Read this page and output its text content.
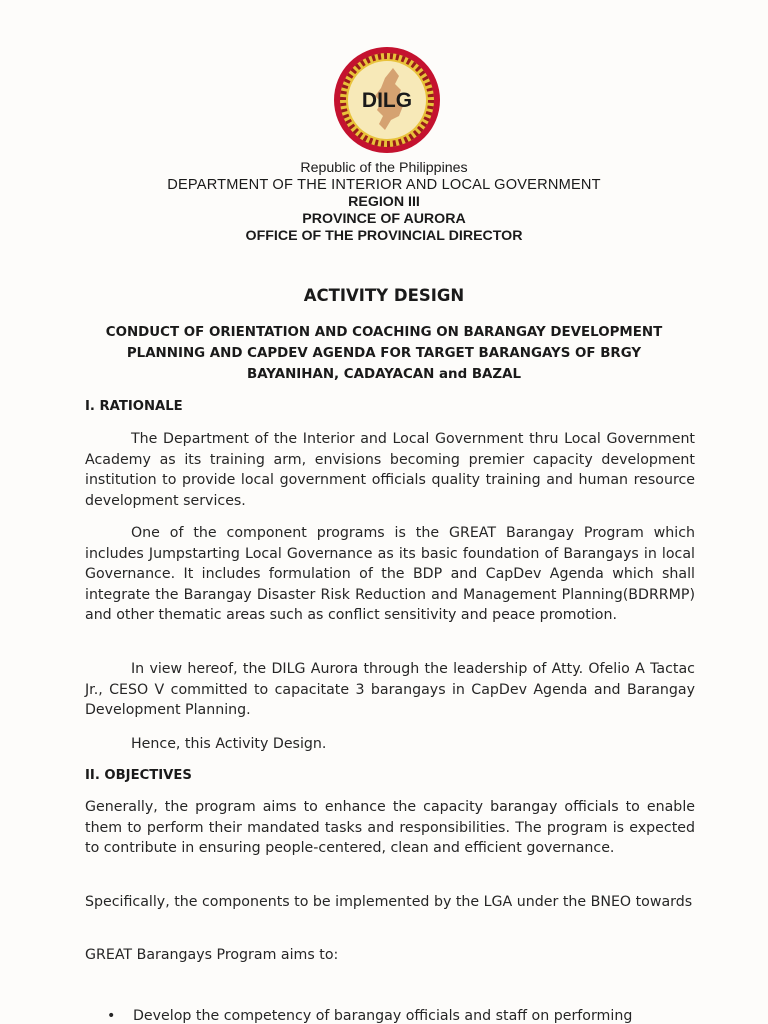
DILG
Republic of the Philippines
DEPARTMENT OF THE INTERIOR AND LOCAL GOVERNMENT
REGION III
PROVINCE OF AURORA
OFFICE OF THE PROVINCIAL DIRECTOR
ACTIVITY DESIGN
CONDUCT OF ORIENTATION AND COACHING ON BARANGAY DEVELOPMENT
PLANNING AND CAPDEV AGENDA FOR TARGET BARANGAYS OF BRGY
BAYANIHAN, CADAYACAN and BAZAL
I. RATIONALE
The Department of the Interior and Local Government thru Local Government Academy as its training arm, envisions becoming premier capacity development institution to provide local government officials quality training and human resource development services.
One of the component programs is the GREAT Barangay Program which includes Jumpstarting Local Governance as its basic foundation of Barangays in local Governance. It includes formulation of the BDP and CapDev Agenda which shall integrate the Barangay Disaster Risk Reduction and Management Planning(BDRRMP) and other thematic areas such as conflict sensitivity and peace promotion.
In view hereof, the DILG Aurora through the leadership of Atty. Ofelio A Tactac Jr., CESO V committed to capacitate 3 barangays in CapDev Agenda and Barangay Development Planning.
Hence, this Activity Design.
II. OBJECTIVES
Generally, the program aims to enhance the capacity barangay officials to enable them to perform their mandated tasks and responsibilities. The program is expected to contribute in ensuring people-centered, clean and efficient governance.
Specifically, the components to be implemented by the LGA under the BNEO towards
GREAT Barangays Program aims to:
• Develop the competency of barangay officials and staff on performing
